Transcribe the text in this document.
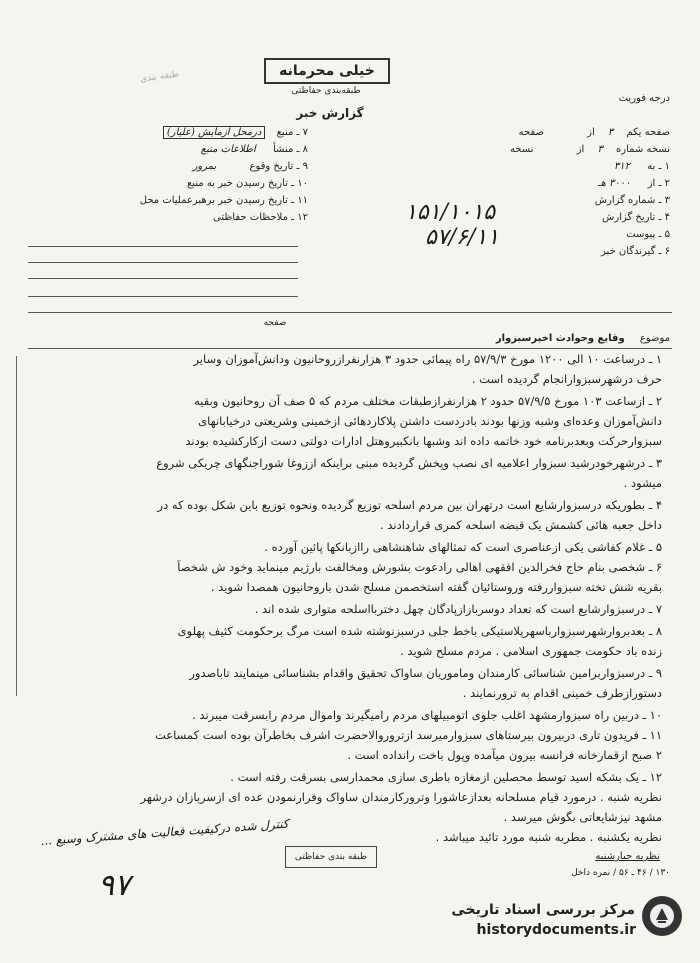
درجه فوریت
طبقه بندی	خیلی محرمانه
طبقه‌بندی حفاظتی
گزارش خبر
۷ ـ منبع درمحل آزمایش (علیار)
۸ ـ منشأ اطلاعات منبع
۹ ـ تاریخ وقوع بمرور
۱۰ ـ تاریخ رسیدن خبر به منبع
۱۱ ـ تاریخ رسیدن خبر برهبرعملیات محل
۱۲ ـ ملاحظات حفاظتی
صفحه یکم ۳ از صفحه
نسخه شماره ۳ از نسخه
۱ ـ به ۳۱۲
۲ ـ از ۳۰۰۰ هـ
۳ ـ شماره گزارش
۴ ـ تاریخ گزارش
۵ ـ پیوست
۶ ـ گیرندگان خبر
۱۵۱/۱۰۱۵
۵۷/۶/۱۱
صفحه
موضوع وقایع وحوادث اخیرسبزوار
۱ ـ درساعت ۱۰ الی ۱۲۰۰ مورخ ۵۷/۹/۳ راه پیمائی حدود ۳ هزارنفرازروحانیون ودانش‌آموزان وسایر
حرف درشهرسبزوارانجام گردیده است .
۲ ـ ازساعت ۱۰۳ مورخ ۵۷/۹/۵ حدود ۲ هزارنفرازطبقات مختلف مردم که ۵ صف آن روحانیون وبقیه
دانش‌آموزان وعده‌ای وشبه وزنها بودند بادردست داشتن پلاکاردهائی ازخمینی وشریعتی درخیابانهای
سبزوارحرکت وبعدبرنامه خود خاتمه داده اند وشبها بانکبیروهتل ادارات دولتی دست ازکارکشیده بودند
۳ ـ درشهرخودرشید سبزوار اعلامیه ای نصب وپخش گردیده مبنی براینکه اززوغا شوراجنگهای چریکی شروع
میشود .
۴ ـ بطوریکه درسبزوارشایع است درتهران بین مردم اسلحه توزیع گردیده ونحوه توزیع باین شکل بوده که در
داخل جعبه هائی کشمش یک قبضه اسلحه کمری قراردادند .
۵ ـ غلام کفاشی یکی ازعناصری است که تمثالهای شاهنشاهی راازبانکها پائین آورده .
۶ ـ شخصی بنام حاج فخرالدین افقهی اهالی رادعوت بشورش ومخالفت بارژیم مینماید وخود ش شخصاً
بقریه شش تخته سبزواررفته وروستائیان گفته استخصمن مسلح شدن باروحانیون همصدا شوید .
۷ ـ درسبزوارشایع است که تعداد دوسربازازپادگان چهل دختربااسلحه متواری شده اند .
۸ ـ بعدبروارشهرسبزوارباسهرپلاستیکی باخط جلی درسبزنوشته شده است مرگ برحکومت کثیف پهلوی
زنده باد حکومت جمهوری اسلامی . مردم مسلح شوید .
۹ ـ درسبزواربرامین شناسائی کارمندان وماموریان ساواک تحقیق واقدام بشناسائی مینمایند تاباصدور
دستورازطرف خمینی اقدام به ترورنمایند .
۱۰ ـ دربین راه سبزوارمشهد اغلب جلوی اتومبیلهای مردم رامیگیرند واموال مردم رابسرقت میبرند .
۱۱ ـ فریدون تاری دربیرون بیرستاهای سبزوارمیرسد ازتروروالاحضرت اشرف بخاطرآن بوده است کمساعت
۲ صبح ازقمارخانه فرانسه بیرون میآمده وپول باخت رانداده است .
۱۲ ـ یک بشکه اسید توسط محصلین ازمغازه باطری سازی محمدارسی بسرقت رفته است .
نظریه شنبه . درمورد قیام مسلحانه بعدازعاشورا وترورکارمندان ساواک وفرارنمودن عده ای ازسربازان درشهر
مشهد نیزشایعاتی بگوش میرسد .
نظریه یکشنبه . مطربه شنبه مورد تائید میباشد .
کنترل شده درکیفیت فعالیت های مشترک وسیع ...
طبقه بندی حفاظتی	نظریه جبارشنبه
۱۳۰ / ۴۶ ـ ۵۶ / نمره داخل
۹۷
مرکز بررسی اسناد تاریخی
historydocuments.ir
